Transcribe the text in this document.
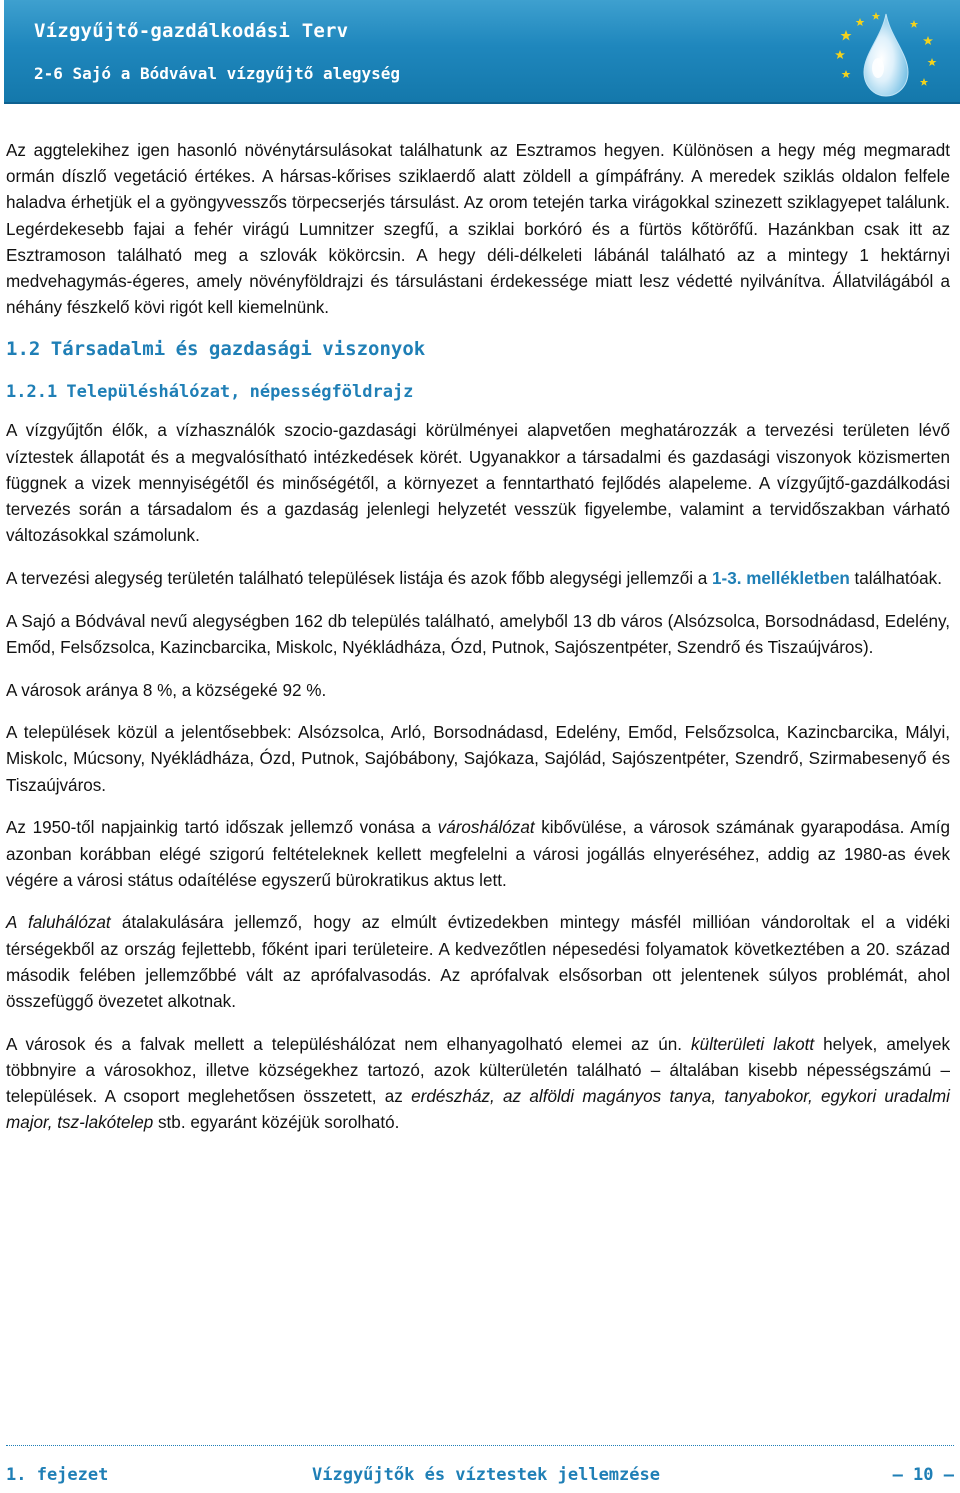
Vízgyűjtő-gazdálkodási Terv
2-6 Sajó a Bódvával vízgyűjtő alegység

Az aggtelekihez igen hasonló növénytársulásokat találhatunk az Esztramos hegyen. Különösen a hegy még megmaradt ormán díszlő vegetáció értékes. A hársas-kőrises sziklaerdő alatt zöldell a gímpáfrány. A meredek sziklás oldalon felfele haladva érhetjük el a gyöngyvesszős törpecserjés társulást. Az orom tetején tarka virágokkal szinezett sziklagyepet találunk. Legérdekesebb fajai a fehér virágú Lumnitzer szegfű, a sziklai borkóró és a fürtös kőtörőfű. Hazánkban csak itt az Esztramoson található meg a szlovák kökörcsin. A hegy déli-délkeleti lábánál található az a mintegy 1 hektárnyi medvehagymás-égeres, amely növényföldrajzi és társulástani érdekessége miatt lesz védetté nyilvánítva. Állatvilágából a néhány fészkelő kövi rigót kell kiemelnünk.

1.2 Társadalmi és gazdasági viszonyok
1.2.1 Településhálózat, népességföldrajz

A vízgyűjtőn élők, a vízhasználók szocio-gazdasági körülményei alapvetően meghatározzák a tervezési területen lévő víztestek állapotát és a megvalósítható intézkedések körét. Ugyanakkor a társadalmi és gazdasági viszonyok közismerten függnek a vizek mennyiségétől és minőségétől, a környezet a fenntartható fejlődés alapeleme. A vízgyűjtő-gazdálkodási tervezés során a társadalom és a gazdaság jelenlegi helyzetét vesszük figyelembe, valamint a tervidőszakban várható változásokkal számolunk.

A tervezési alegység területén található települések listája és azok főbb alegységi jellemzői a 1-3. mellékletben találhatóak.

A Sajó a Bódvával nevű alegységben 162 db település található, amelyből 13 db város (Alsózsolca, Borsodnádasd, Edelény, Emőd, Felsőzsolca, Kazincbarcika, Miskolc, Nyékládháza, Ózd, Putnok, Sajószentpéter, Szendrő és Tiszaújváros).

A városok aránya 8 %, a községeké 92 %.

A települések közül a jelentősebbek: Alsózsolca, Arló, Borsodnádasd, Edelény, Emőd, Felsőzsolca, Kazincbarcika, Mályi, Miskolc, Múcsony, Nyékládháza, Ózd, Putnok, Sajóbábony, Sajókaza, Sajólád, Sajószentpéter, Szendrő, Szirmabesenyő és Tiszaújváros.

Az 1950-től napjainkig tartó időszak jellemző vonása a városhálózat kibővülése, a városok számának gyarapodása. Amíg azonban korábban elégé szigorú feltételeknek kellett megfelelni a városi jogállás elnyeréséhez, addig az 1980-as évek végére a városi státus odaítélése egyszerű bürokratikus aktus lett.

A faluhálózat átalakulására jellemző, hogy az elmúlt évtizedekben mintegy másfél millióan vándoroltak el a vidéki térségekből az ország fejlettebb, főként ipari területeire. A kedvezőtlen népesedési folyamatok következtében a 20. század második felében jellemzőbbé vált az aprófalvasodás. Az aprófalvak elsősorban ott jelentenek súlyos problémát, ahol összefüggő övezetet alkotnak.

A városok és a falvak mellett a településhálózat nem elhanyagolható elemei az ún. külterületi lakott helyek, amelyek többnyire a városokhoz, illetve községekhez tartozó, azok külterületén található – általában kisebb népességszámú – települések. A csoport meglehetősen összetett, az erdészház, az alföldi magányos tanya, tanyabokor, egykori uradalmi major, tsz-lakótelep stb. egyaránt közéjük sorolható.

1. fejezet	Vízgyűjtők és víztestek jellemzése	— 10 —
